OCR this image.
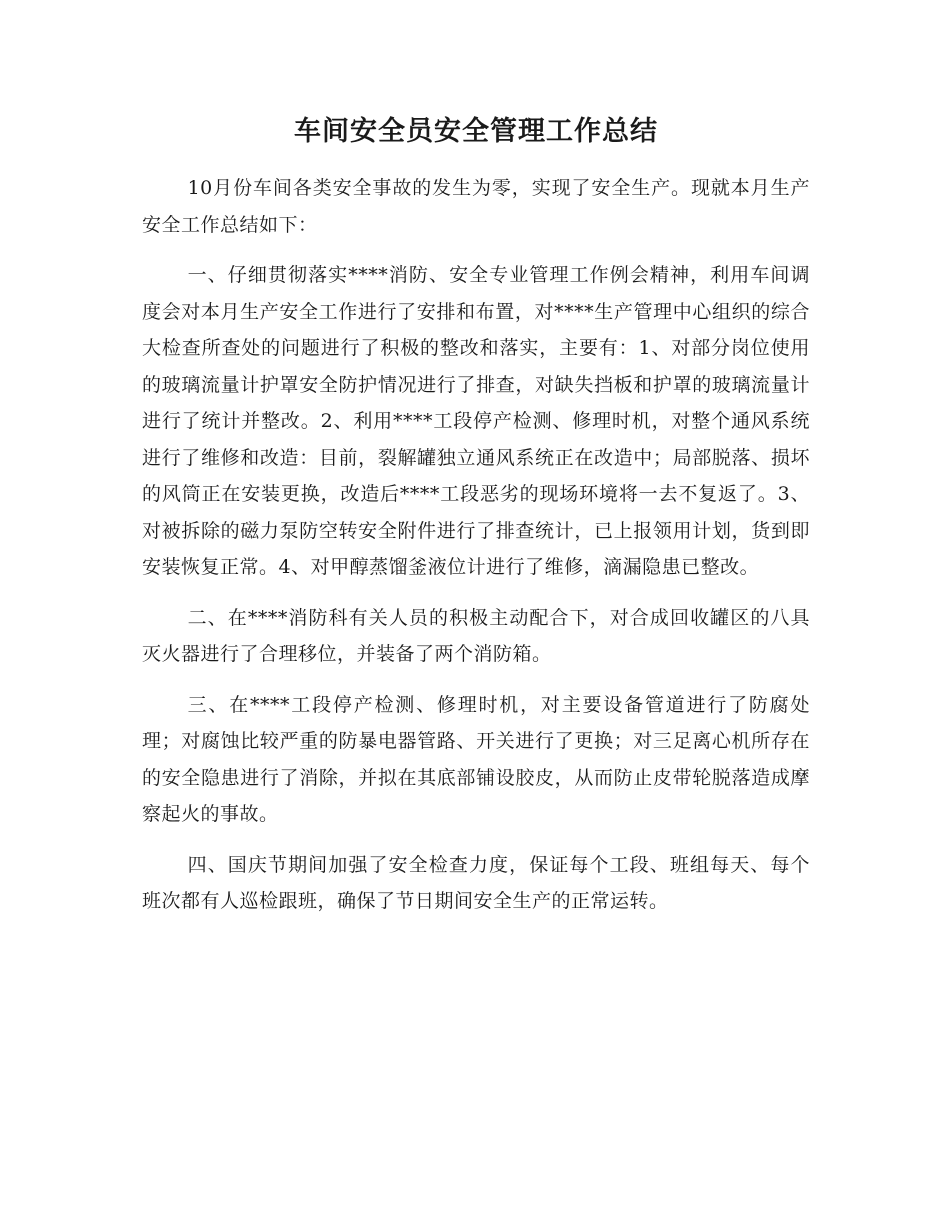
车间安全员安全管理工作总结

10月份车间各类安全事故的发生为零，实现了安全生产。现就本月生产安全工作总结如下：

一、仔细贯彻落实****消防、安全专业管理工作例会精神，利用车间调度会对本月生产安全工作进行了安排和布置，对****生产管理中心组织的综合大检查所查处的问题进行了积极的整改和落实，主要有：1、对部分岗位使用的玻璃流量计护罩安全防护情况进行了排查，对缺失挡板和护罩的玻璃流量计进行了统计并整改。2、利用****工段停产检测、修理时机，对整个通风系统进行了维修和改造：目前，裂解罐独立通风系统正在改造中；局部脱落、损坏的风筒正在安装更换，改造后****工段恶劣的现场环境将一去不复返了。3、对被拆除的磁力泵防空转安全附件进行了排查统计，已上报领用计划，货到即安装恢复正常。4、对甲醇蒸馏釜液位计进行了维修，滴漏隐患已整改。

二、在****消防科有关人员的积极主动配合下，对合成回收罐区的八具灭火器进行了合理移位，并装备了两个消防箱。

三、在****工段停产检测、修理时机，对主要设备管道进行了防腐处理；对腐蚀比较严重的防暴电器管路、开关进行了更换；对三足离心机所存在的安全隐患进行了消除，并拟在其底部铺设胶皮，从而防止皮带轮脱落造成摩察起火的事故。

四、国庆节期间加强了安全检查力度，保证每个工段、班组每天、每个班次都有人巡检跟班，确保了节日期间安全生产的正常运转。
